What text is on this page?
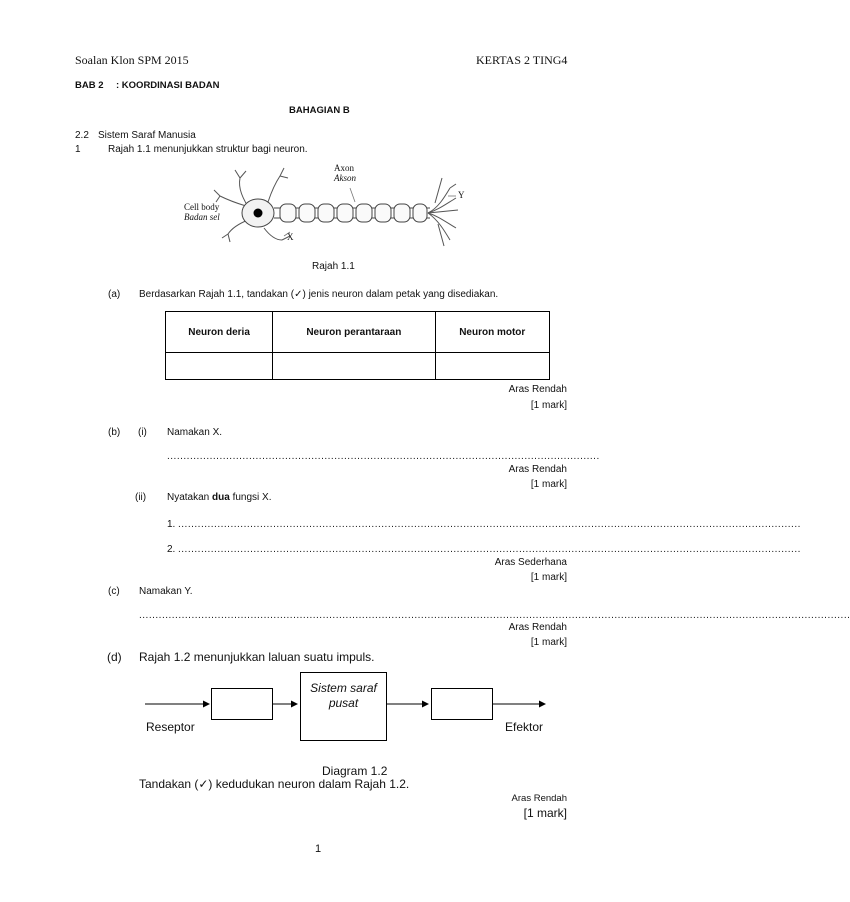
Soalan Klon SPM 2015	KERTAS 2 TING4
BAB 2 : KOORDINASI BADAN
BAHAGIAN B
2.2 Sistem Saraf Manusia
1	Rajah 1.1 menunjukkan struktur bagi neuron.
Axon
Akson
Cell body
Badan sel
X
Y
Rajah 1.1
(a) Berdasarkan Rajah 1.1, tandakan (✓) jenis neuron dalam petak yang disediakan.
Neuron deria	Neuron perantaraan	Neuron motor

Aras Rendah
[1 mark]
(b) (i) Namakan X.
....................................................................................................................................
Aras Rendah
[1 mark]
(ii) Nyatakan dua fungsi X.
1. ..............................................................................................................................................................................................
2. ..............................................................................................................................................................................................
Aras Sederhana
[1 mark]
(c) Namakan Y.
.........................................................................................................................................................................................................................
Aras Rendah
[1 mark]
(d) Rajah 1.2 menunjukkan laluan suatu impuls.
Sistem saraf pusat
Reseptor	Efektor
Diagram 1.2
Tandakan (✓) kedudukan neuron dalam Rajah 1.2.
Aras Rendah
[1 mark]
1
